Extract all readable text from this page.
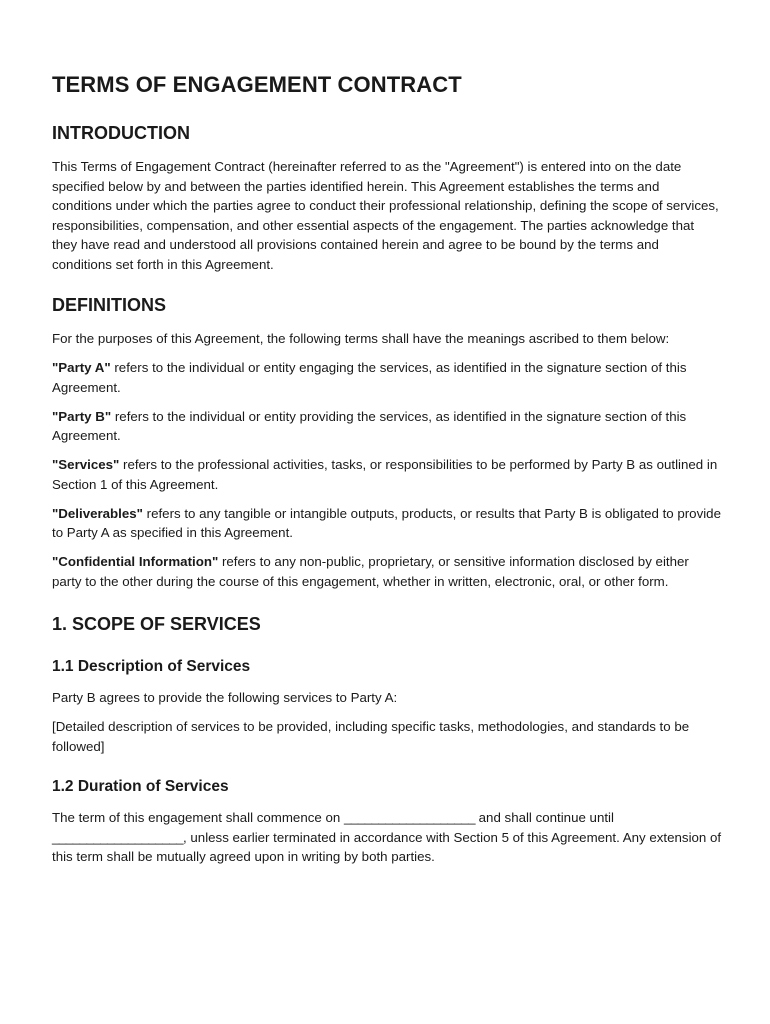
TERMS OF ENGAGEMENT CONTRACT
INTRODUCTION

This Terms of Engagement Contract (hereinafter referred to as the "Agreement") is entered into on the date specified below by and between the parties identified herein. This Agreement establishes the terms and conditions under which the parties agree to conduct their professional relationship, defining the scope of services, responsibilities, compensation, and other essential aspects of the engagement. The parties acknowledge that they have read and understood all provisions contained herein and agree to be bound by the terms and conditions set forth in this Agreement.

DEFINITIONS

For the purposes of this Agreement, the following terms shall have the meanings ascribed to them below:

"Party A" refers to the individual or entity engaging the services, as identified in the signature section of this Agreement.

"Party B" refers to the individual or entity providing the services, as identified in the signature section of this Agreement.

"Services" refers to the professional activities, tasks, or responsibilities to be performed by Party B as outlined in Section 1 of this Agreement.

"Deliverables" refers to any tangible or intangible outputs, products, or results that Party B is obligated to provide to Party A as specified in this Agreement.

"Confidential Information" refers to any non-public, proprietary, or sensitive information disclosed by either party to the other during the course of this engagement, whether in written, electronic, oral, or other form.

1. SCOPE OF SERVICES
1.1 Description of Services

Party B agrees to provide the following services to Party A:

[Detailed description of services to be provided, including specific tasks, methodologies, and standards to be followed]

1.2 Duration of Services

The term of this engagement shall commence on ___________________ and shall continue until ___________________, unless earlier terminated in accordance with Section 5 of this Agreement. Any extension of this term shall be mutually agreed upon in writing by both parties.
